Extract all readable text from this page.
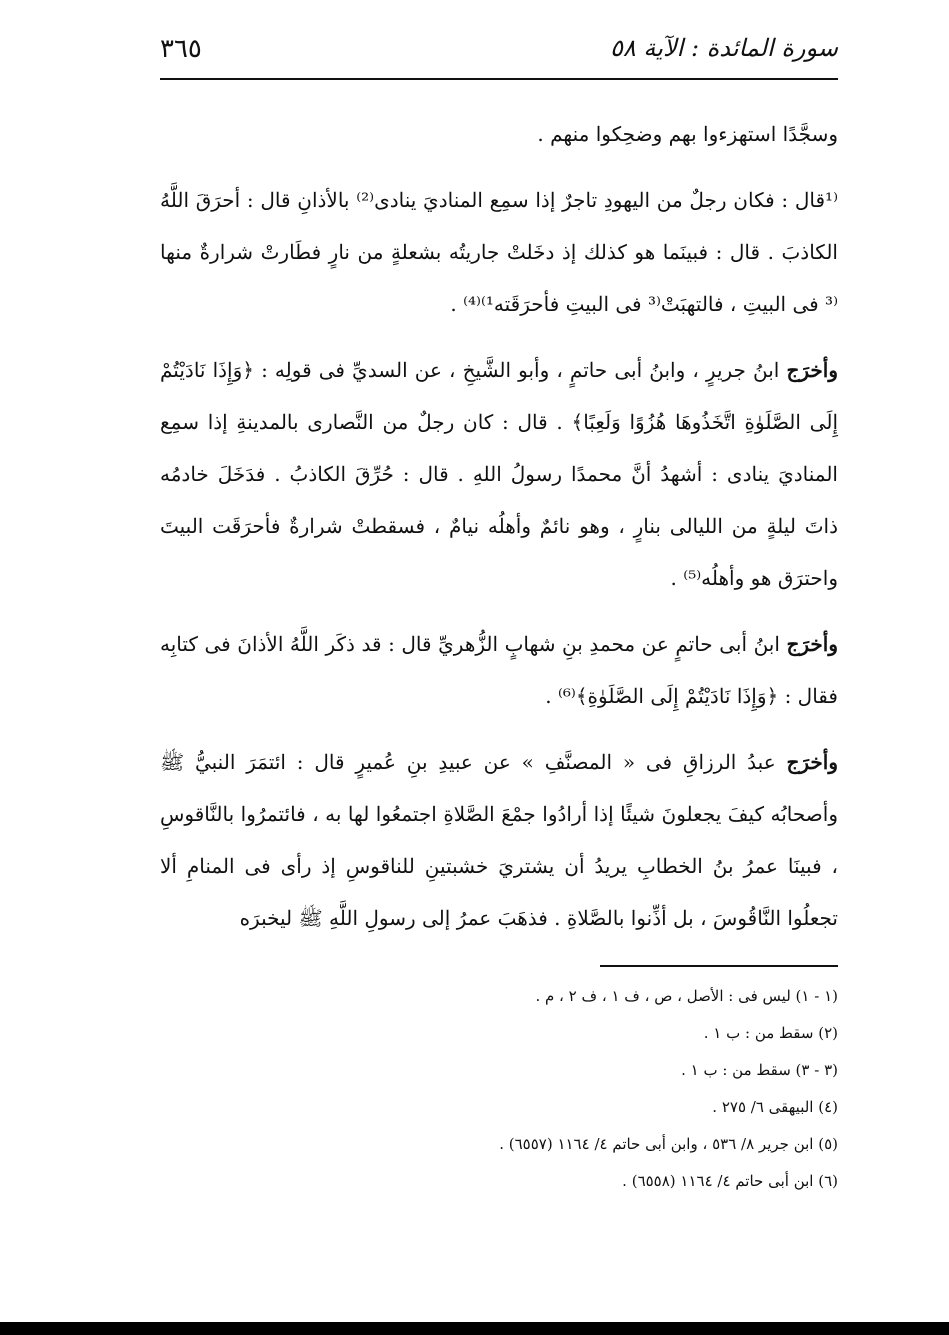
سورة المائدة : الآية ٥٨
٣٦٥

وسجَّدًا استهزءوا بهم وضحِكوا منهم .

⁽¹قال : فكان رجلٌ من اليهودِ تاجرٌ إذا سمِع المناديَ ينادى⁽²⁾ بالأذانِ قال : أحرَقَ اللَّهُ الكاذبَ . قال : فبينَما هو كذلك إذ دخَلتْ جاريتُه بشعلةٍ من نارٍ فطَارتْ شرارةٌ منها ⁽³ فى البيتِ ، فالتهبَتْ⁽³ فى البيتِ فأحرَقَته¹⁾⁽⁴⁾ .

وأخرَج ابنُ جريرٍ ، وابنُ أبى حاتمٍ ، وأبو الشَّيخِ ، عن السديِّ فى قولِه : ﴿وَإِذَا نَادَيْتُمْ إِلَى الصَّلَوٰةِ اتَّخَذُوهَا هُزُوًا وَلَعِبًا﴾ . قال : كان رجلٌ من النَّصارى بالمدينةِ إذا سمِع المناديَ ينادى : أشهدُ أنَّ محمدًا رسولُ اللهِ . قال : حُرِّقَ الكاذبُ . فدَخَلَ خادمُه ذاتَ ليلةٍ من الليالى بنارٍ ، وهو نائمٌ وأهلُه نيامٌ ، فسقطتْ شرارةٌ فأحرَقَت البيتَ واحترَق هو وأهلُه⁽⁵⁾ .

وأخرَج ابنُ أبى حاتمٍ عن محمدِ بنِ شهابٍ الزُّهريِّ قال : قد ذكَر اللَّهُ الأذانَ فى كتابِه فقال : ﴿وَإِذَا نَادَيْتُمْ إِلَى الصَّلَوٰةِ﴾⁽⁶⁾ .

وأخرَج عبدُ الرزاقِ فى « المصنَّفِ » عن عبيدِ بنِ عُميرٍ قال : ائتمَرَ النبيُّ ﷺ وأصحابُه كيفَ يجعلونَ شيئًا إذا أرادُوا جمْعَ الصَّلاةِ اجتمعُوا لها به ، فائتمرُوا بالنَّاقوسِ ، فبينَا عمرُ بنُ الخطابِ يريدُ أن يشتريَ خشبتينِ للناقوسِ إذ رأى فى المنامِ ألا تجعلُوا النَّاقُوسَ ، بل أذِّنوا بالصَّلاةِ . فذهَبَ عمرُ إلى رسولِ اللَّهِ ﷺ ليخبرَه

(١ - ١) ليس فى : الأصل ، ص ، ف ١ ، ف ٢ ، م .
(٢) سقط من : ب ١ .
(٣ - ٣) سقط من : ب ١ .
(٤) البيهقى ٦/ ٢٧٥ .
(٥) ابن جرير ٨/ ٥٣٦ ، وابن أبى حاتم ٤/ ١١٦٤ (٦٥٥٧) .
(٦) ابن أبى حاتم ٤/ ١١٦٤ (٦٥٥٨) .
